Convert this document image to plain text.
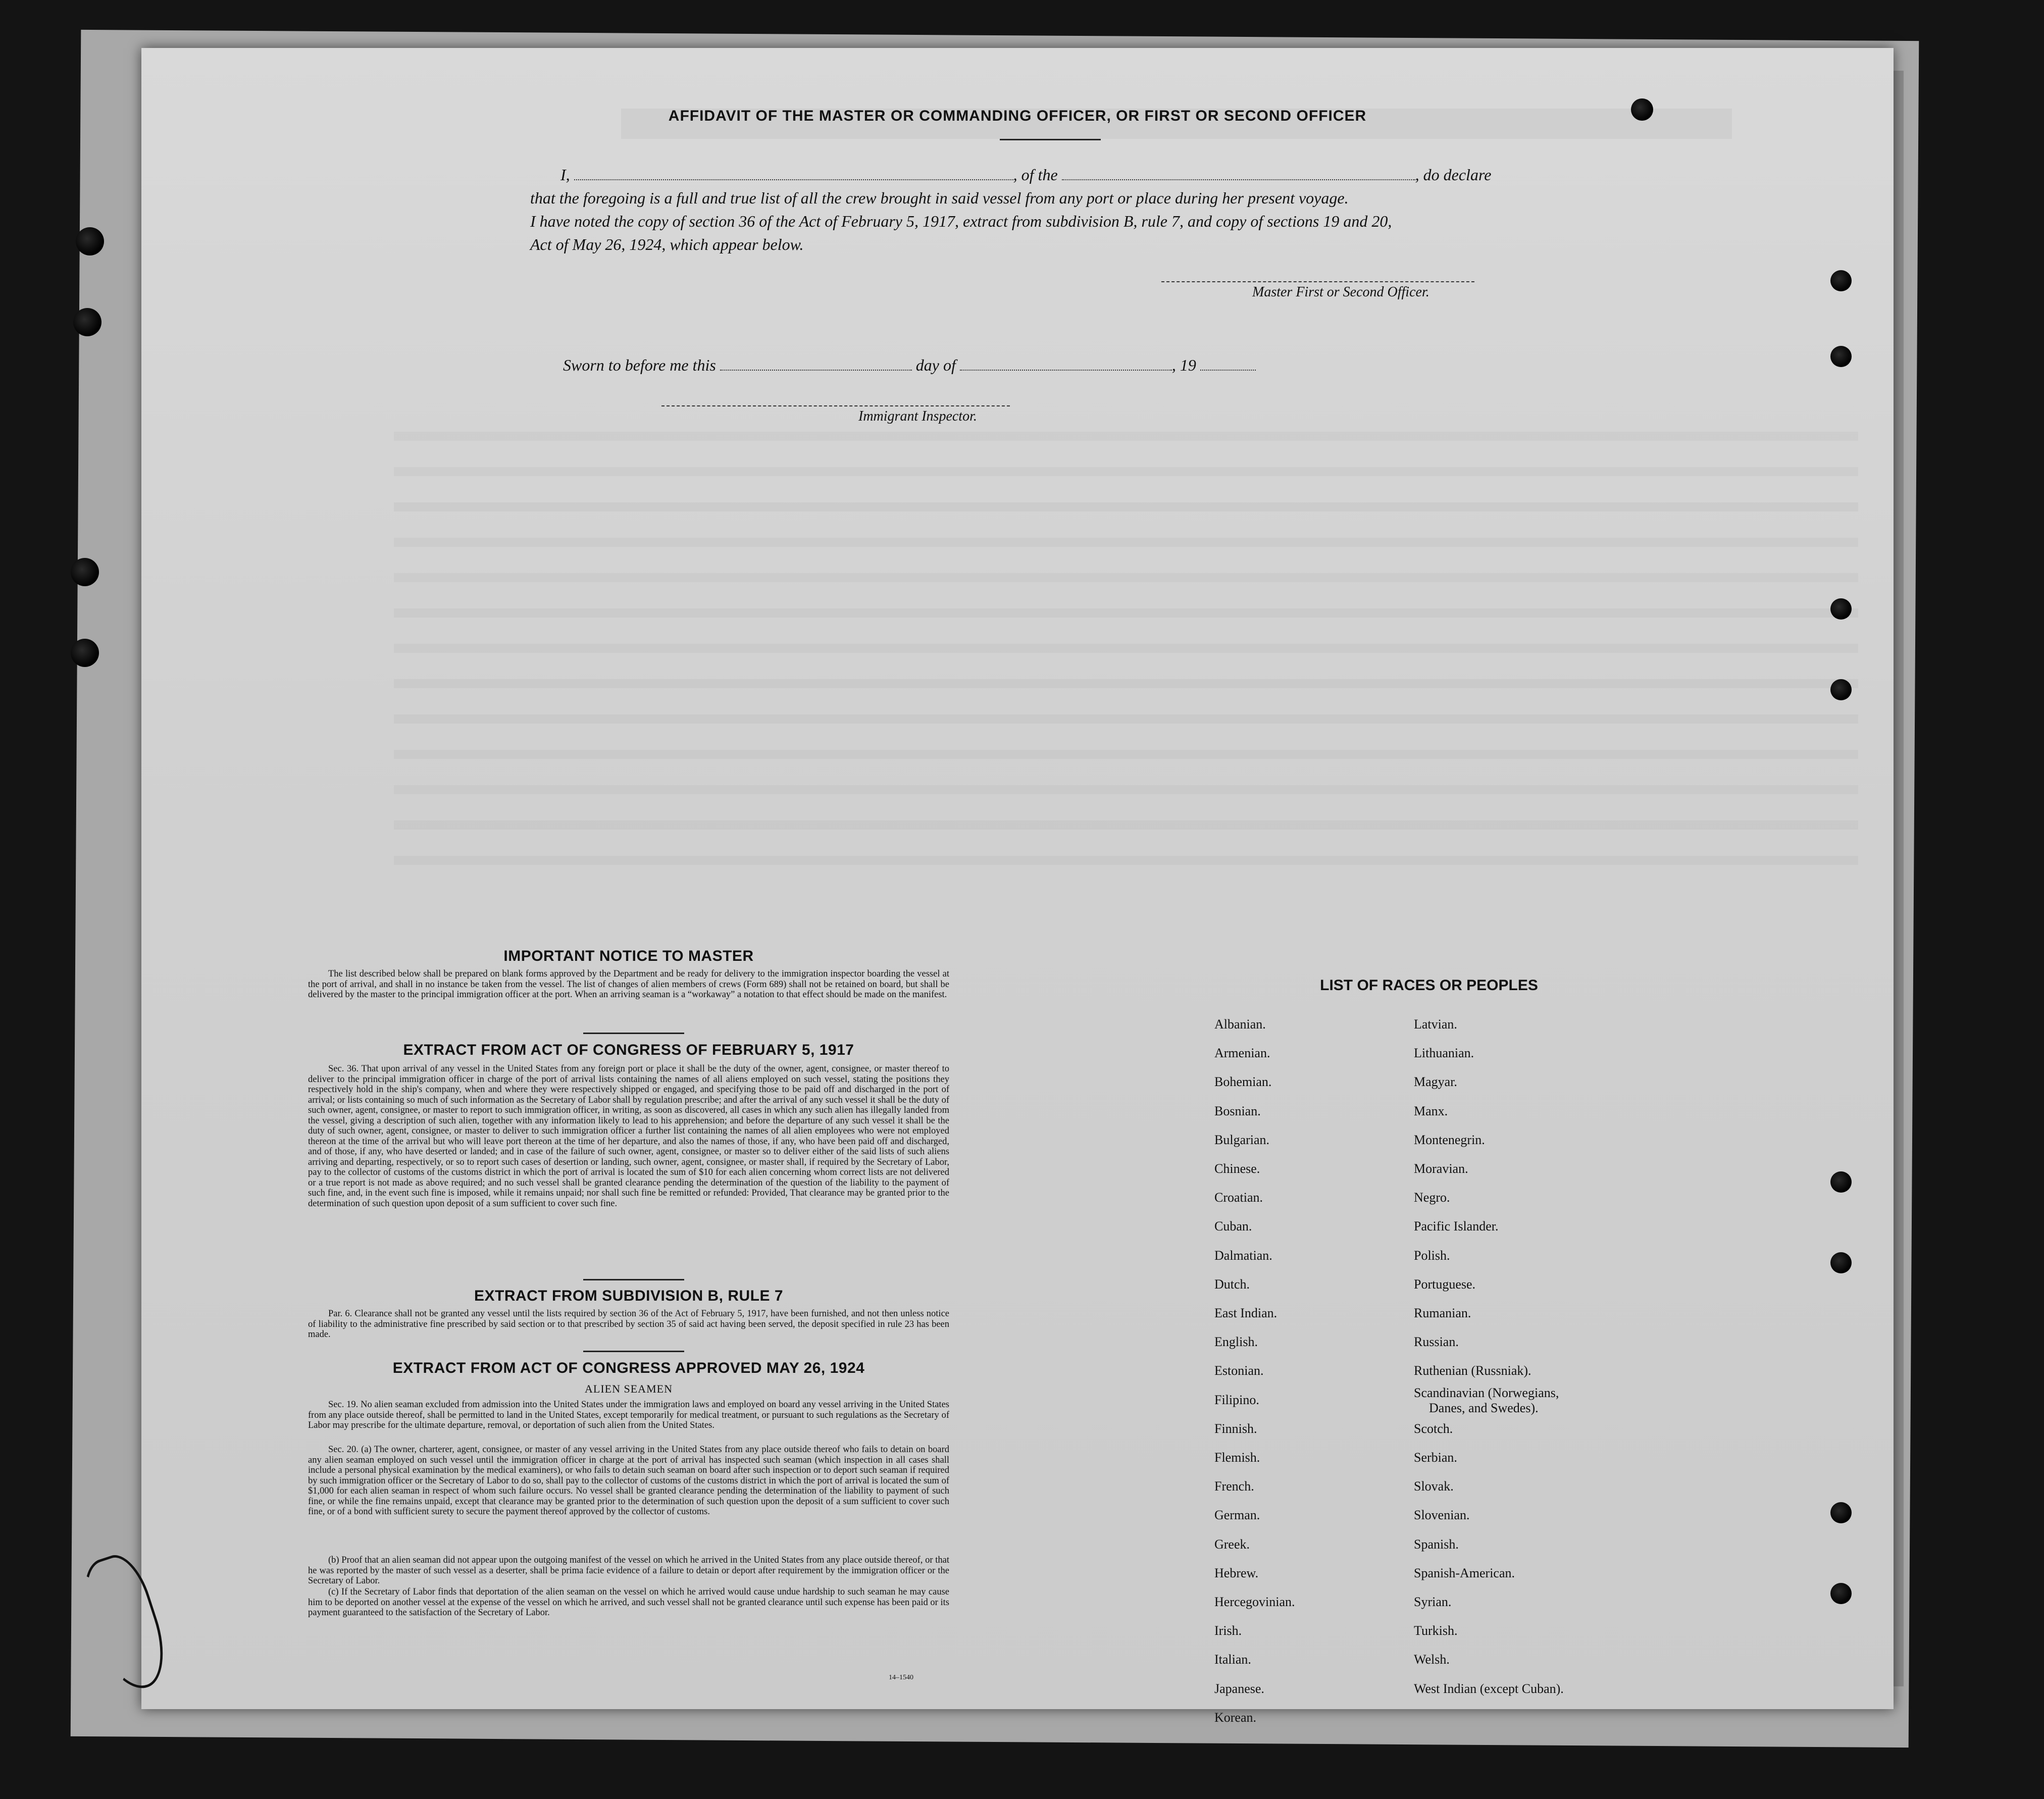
AFFIDAVIT OF THE MASTER OR COMMANDING OFFICER, OR FIRST OR SECOND OFFICER
I,	, of the	, do declare
that the foregoing is a full and true list of all the crew brought in said vessel from any port or place during her present voyage.
I have noted the copy of section 36 of the Act of February 5, 1917, extract from subdivision B, rule 7, and copy of sections 19 and 20,
Act of May 26, 1924, which appear below.
Master First or Second Officer.
Sworn to before me this	day of	, 19
Immigrant Inspector.
IMPORTANT NOTICE TO MASTER
The list described below shall be prepared on blank forms approved by the Department and be ready for delivery to the immigration inspector boarding the vessel at the port of arrival, and shall in no instance be taken from the vessel. The list of changes of alien members of crews (Form 689) shall not be retained on board, but shall be delivered by the master to the principal immigration officer at the port. When an arriving seaman is a “workaway” a notation to that effect should be made on the manifest.
EXTRACT FROM ACT OF CONGRESS OF FEBRUARY 5, 1917
Sec. 36. That upon arrival of any vessel in the United States from any foreign port or place it shall be the duty of the owner, agent, consignee, or master thereof to deliver to the principal immigration officer in charge of the port of arrival lists containing the names of all aliens employed on such vessel, stating the positions they respectively hold in the ship's company, when and where they were respectively shipped or engaged, and specifying those to be paid off and discharged in the port of arrival; or lists containing so much of such information as the Secretary of Labor shall by regulation prescribe; and after the arrival of any such vessel it shall be the duty of such owner, agent, consignee, or master to report to such immigration officer, in writing, as soon as discovered, all cases in which any such alien has illegally landed from the vessel, giving a description of such alien, together with any information likely to lead to his apprehension; and before the departure of any such vessel it shall be the duty of such owner, agent, consignee, or master to deliver to such immigration officer a further list containing the names of all alien employees who were not employed thereon at the time of the arrival but who will leave port thereon at the time of her departure, and also the names of those, if any, who have been paid off and discharged, and of those, if any, who have deserted or landed; and in case of the failure of such owner, agent, consignee, or master so to deliver either of the said lists of such aliens arriving and departing, respectively, or so to report such cases of desertion or landing, such owner, agent, consignee, or master shall, if required by the Secretary of Labor, pay to the collector of customs of the customs district in which the port of arrival is located the sum of $10 for each alien concerning whom correct lists are not delivered or a true report is not made as above required; and no such vessel shall be granted clearance pending the determination of the question of the liability to the payment of such fine, and, in the event such fine is imposed, while it remains unpaid; nor shall such fine be remitted or refunded: Provided, That clearance may be granted prior to the determination of such question upon deposit of a sum sufficient to cover such fine.
EXTRACT FROM SUBDIVISION B, RULE 7
Par. 6. Clearance shall not be granted any vessel until the lists required by section 36 of the Act of February 5, 1917, have been furnished, and not then unless notice of liability to the administrative fine prescribed by said section or to that prescribed by section 35 of said act having been served, the deposit specified in rule 23 has been made.
EXTRACT FROM ACT OF CONGRESS APPROVED MAY 26, 1924
ALIEN SEAMEN
Sec. 19. No alien seaman excluded from admission into the United States under the immigration laws and employed on board any vessel arriving in the United States from any place outside thereof, shall be permitted to land in the United States, except temporarily for medical treatment, or pursuant to such regulations as the Secretary of Labor may prescribe for the ultimate departure, removal, or deportation of such alien from the United States.
Sec. 20. (a) The owner, charterer, agent, consignee, or master of any vessel arriving in the United States from any place outside thereof who fails to detain on board any alien seaman employed on such vessel until the immigration officer in charge at the port of arrival has inspected such seaman (which inspection in all cases shall include a personal physical examination by the medical examiners), or who fails to detain such seaman on board after such inspection or to deport such seaman if required by such immigration officer or the Secretary of Labor to do so, shall pay to the collector of customs of the customs district in which the port of arrival is located the sum of $1,000 for each alien seaman in respect of whom such failure occurs. No vessel shall be granted clearance pending the determination of the liability to payment of such fine, or while the fine remains unpaid, except that clearance may be granted prior to the determination of such question upon the deposit of a sum sufficient to cover such fine, or of a bond with sufficient surety to secure the payment thereof approved by the collector of customs.
(b) Proof that an alien seaman did not appear upon the outgoing manifest of the vessel on which he arrived in the United States from any place outside thereof, or that he was reported by the master of such vessel as a deserter, shall be prima facie evidence of a failure to detain or deport after requirement by the immigration officer or the Secretary of Labor.
(c) If the Secretary of Labor finds that deportation of the alien seaman on the vessel on which he arrived would cause undue hardship to such seaman he may cause him to be deported on another vessel at the expense of the vessel on which he arrived, and such vessel shall not be granted clearance until such expense has been paid or its payment guaranteed to the satisfaction of the Secretary of Labor.
14–1540
LIST OF RACES OR PEOPLES
Albanian.
Armenian.
Bohemian.
Bosnian.
Bulgarian.
Chinese.
Croatian.
Cuban.
Dalmatian.
Dutch.
East Indian.
English.
Estonian.
Filipino.
Finnish.
Flemish.
French.
German.
Greek.
Hebrew.
Hercegovinian.
Irish.
Italian.
Japanese.
Korean.
Latvian.
Lithuanian.
Magyar.
Manx.
Montenegrin.
Moravian.
Negro.
Pacific Islander.
Polish.
Portuguese.
Rumanian.
Russian.
Ruthenian (Russniak).
Scandinavian (Norwegians,
Danes, and Swedes).
Scotch.
Serbian.
Slovak.
Slovenian.
Spanish.
Spanish-American.
Syrian.
Turkish.
Welsh.
West Indian (except Cuban).
